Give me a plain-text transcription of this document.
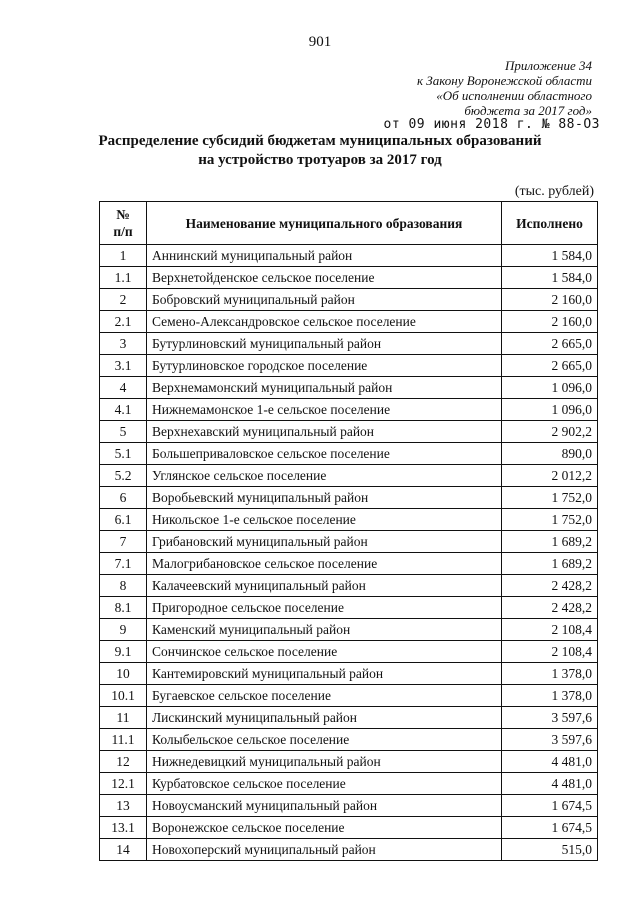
901
Приложение 34
к Закону Воронежской области
«Об исполнении областного
бюджета за 2017 год»
от 09 июня 2018 г. № 88-ОЗ
Распределение субсидий бюджетам муниципальных образований
на устройство тротуаров за 2017 год
(тыс. рублей)
№
п/п	Наименование муниципального образования	Исполнено
1	Аннинский муниципальный район	1 584,0
1.1	Верхнетойденское сельское поселение	1 584,0
2	Бобровский муниципальный район	2 160,0
2.1	Семено-Александровское сельское поселение	2 160,0
3	Бутурлиновский муниципальный район	2 665,0
3.1	Бутурлиновское городское поселение	2 665,0
4	Верхнемамонский муниципальный район	1 096,0
4.1	Нижнемамонское 1-е сельское поселение	1 096,0
5	Верхнехавский муниципальный район	2 902,2
5.1	Большеприваловское сельское поселение	890,0
5.2	Углянское сельское поселение	2 012,2
6	Воробьевский муниципальный район	1 752,0
6.1	Никольское 1-е сельское поселение	1 752,0
7	Грибановский муниципальный район	1 689,2
7.1	Малогрибановское сельское поселение	1 689,2
8	Калачеевский муниципальный район	2 428,2
8.1	Пригородное сельское поселение	2 428,2
9	Каменский муниципальный район	2 108,4
9.1	Сончинское сельское поселение	2 108,4
10	Кантемировский муниципальный район	1 378,0
10.1	Бугаевское сельское поселение	1 378,0
11	Лискинский муниципальный район	3 597,6
11.1	Колыбельское сельское поселение	3 597,6
12	Нижнедевицкий муниципальный район	4 481,0
12.1	Курбатовское сельское поселение	4 481,0
13	Новоусманский муниципальный район	1 674,5
13.1	Воронежское сельское поселение	1 674,5
14	Новохоперский муниципальный район	515,0
